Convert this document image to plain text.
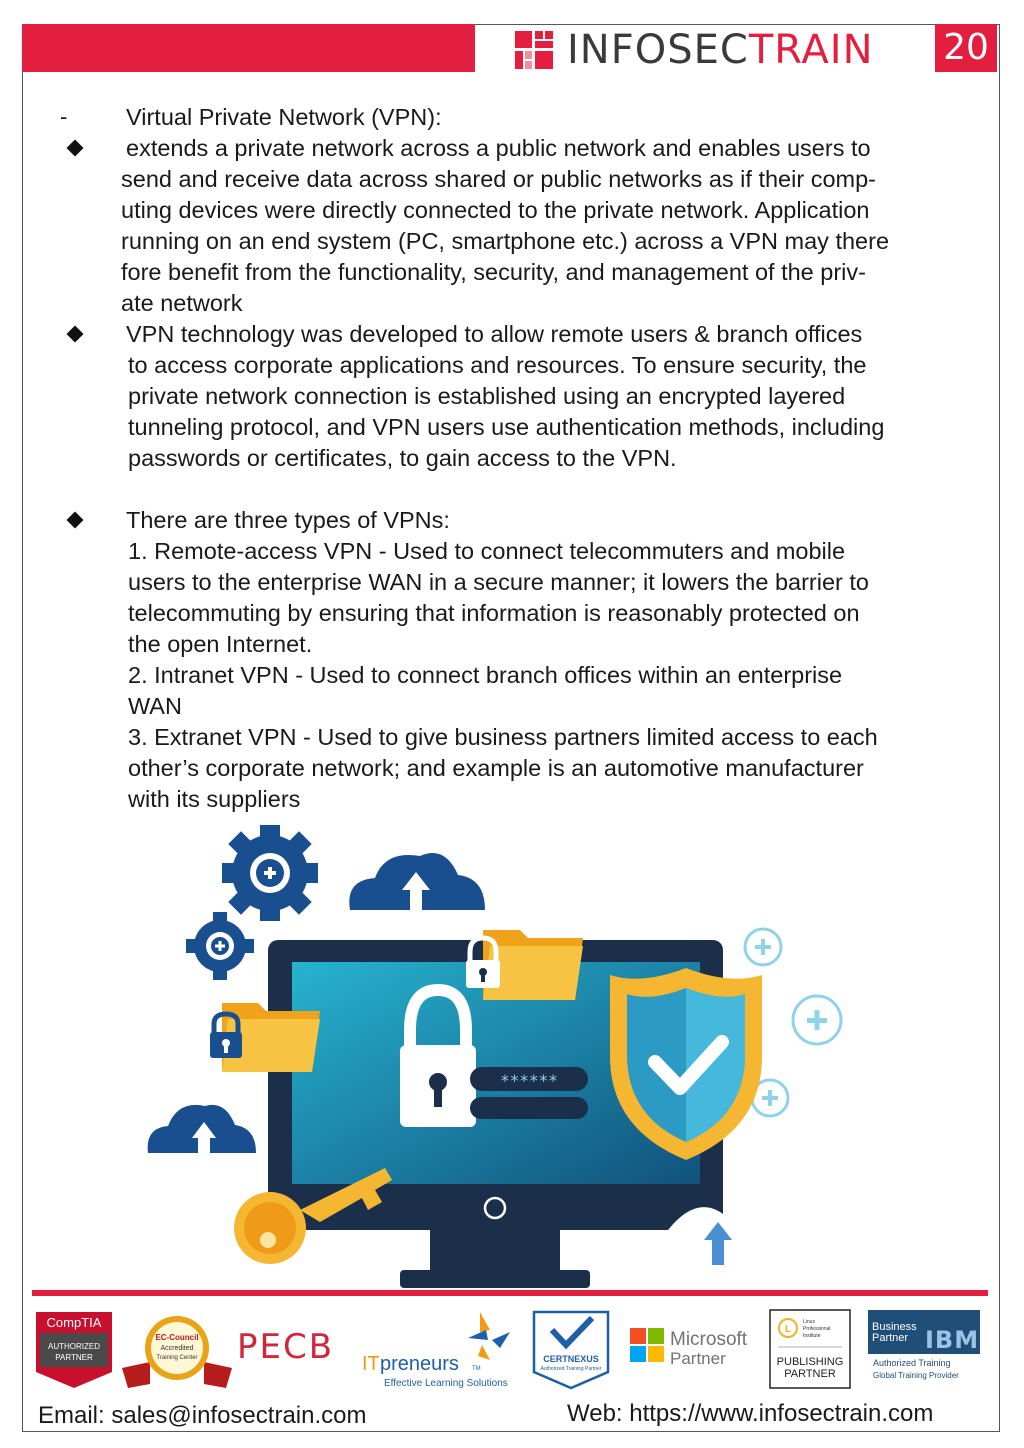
INFOSECTRAIN 20
- Virtual Private Network (VPN):
extends a private network across a public network and enables users to
send and receive data across shared or public networks as if their comp-
uting devices were directly connected to the private network. Application
running on an end system (PC, smartphone etc.) across a VPN may there
fore benefit from the functionality, security, and management of the priv-
ate network
VPN technology was developed to allow remote users & branch offices
to access corporate applications and resources. To ensure security, the
private network connection is established using an encrypted layered
tunneling protocol, and VPN users use authentication methods, including
passwords or certificates, to gain access to the VPN.
There are three types of VPNs:
1. Remote-access VPN - Used to connect telecommuters and mobile
users to the enterprise WAN in a secure manner; it lowers the barrier to
telecommuting by ensuring that information is reasonably protected on
the open Internet.
2. Intranet VPN - Used to connect branch offices within an enterprise
WAN
3. Extranet VPN - Used to give business partners limited access to each
other’s corporate network; and example is an automotive manufacturer
with its suppliers
******
CompTIA
AUTHORIZED
PARTNER
EC-Council
Accredited
Training Center PECB IT preneurs TM
Effective Learning Solutions
CERTNEXUS
Authorized Training Partner
Microsoft
Partner
L
Linux
Professional
Institute
PUBLISHING
PARTNER
Business
Partner IBM
Authorized Training
Global Training Provider
Email: sales@infosectrain.com	Web: https://www.infosectrain.com
